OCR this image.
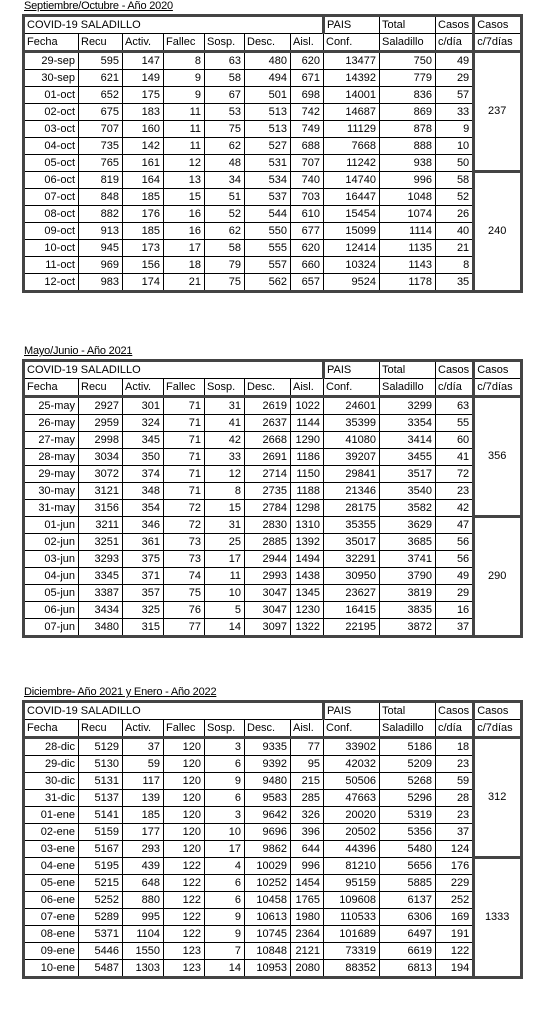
Septiembre/Octubre - Año 2020
COVID-19 SALADILLO							PAIS	Total	Casos	Casos
Fecha	Recu	Activ.	Fallec	Sosp.	Desc.	Aisl.	Conf.	Saladillo	c/día	c/7días
29-sep	595	147	8	63	480	620	13477	750	49	237
30-sep	621	149	9	58	494	671	14392	779	29	
01-oct	652	175	9	67	501	698	14001	836	57	
02-oct	675	183	11	53	513	742	14687	869	33	
03-oct	707	160	11	75	513	749	11129	878	9	
04-oct	735	142	11	62	527	688	7668	888	10	
05-oct	765	161	12	48	531	707	11242	938	50	
06-oct	819	164	13	34	534	740	14740	996	58	240
07-oct	848	185	15	51	537	703	16447	1048	52	
08-oct	882	176	16	52	544	610	15454	1074	26	
09-oct	913	185	16	62	550	677	15099	1114	40	
10-oct	945	173	17	58	555	620	12414	1135	21	
11-oct	969	156	18	79	557	660	10324	1143	8	
12-oct	983	174	21	75	562	657	9524	1178	35	
Mayo/Junio - Año 2021
COVID-19 SALADILLO							PAIS	Total	Casos	Casos
Fecha	Recu	Activ.	Fallec	Sosp.	Desc.	Aisl.	Conf.	Saladillo	c/día	c/7días
25-may	2927	301	71	31	2619	1022	24601	3299	63	356
26-may	2959	324	71	41	2637	1144	35399	3354	55	
27-may	2998	345	71	42	2668	1290	41080	3414	60	
28-may	3034	350	71	33	2691	1186	39207	3455	41	
29-may	3072	374	71	12	2714	1150	29841	3517	72	
30-may	3121	348	71	8	2735	1188	21346	3540	23	
31-may	3156	354	72	15	2784	1298	28175	3582	42	
01-jun	3211	346	72	31	2830	1310	35355	3629	47	290
02-jun	3251	361	73	25	2885	1392	35017	3685	56	
03-jun	3293	375	73	17	2944	1494	32291	3741	56	
04-jun	3345	371	74	11	2993	1438	30950	3790	49	
05-jun	3387	357	75	10	3047	1345	23627	3819	29	
06-jun	3434	325	76	5	3047	1230	16415	3835	16	
07-jun	3480	315	77	14	3097	1322	22195	3872	37	
Diciembre- Año 2021 y Enero - Año 2022
COVID-19 SALADILLO							PAIS	Total	Casos	Casos
Fecha	Recu	Activ.	Fallec	Sosp.	Desc.	Aisl.	Conf.	Saladillo	c/día	c/7días
28-dic	5129	37	120	3	9335	77	33902	5186	18	312
29-dic	5130	59	120	6	9392	95	42032	5209	23	
30-dic	5131	117	120	9	9480	215	50506	5268	59	
31-dic	5137	139	120	6	9583	285	47663	5296	28	
01-ene	5141	185	120	3	9642	326	20020	5319	23	
02-ene	5159	177	120	10	9696	396	20502	5356	37	
03-ene	5167	293	120	17	9862	644	44396	5480	124	
04-ene	5195	439	122	4	10029	996	81210	5656	176	1333
05-ene	5215	648	122	6	10252	1454	95159	5885	229	
06-ene	5252	880	122	6	10458	1765	109608	6137	252	
07-ene	5289	995	122	9	10613	1980	110533	6306	169	
08-ene	5371	1104	122	9	10745	2364	101689	6497	191	
09-ene	5446	1550	123	7	10848	2121	73319	6619	122	
10-ene	5487	1303	123	14	10953	2080	88352	6813	194	
